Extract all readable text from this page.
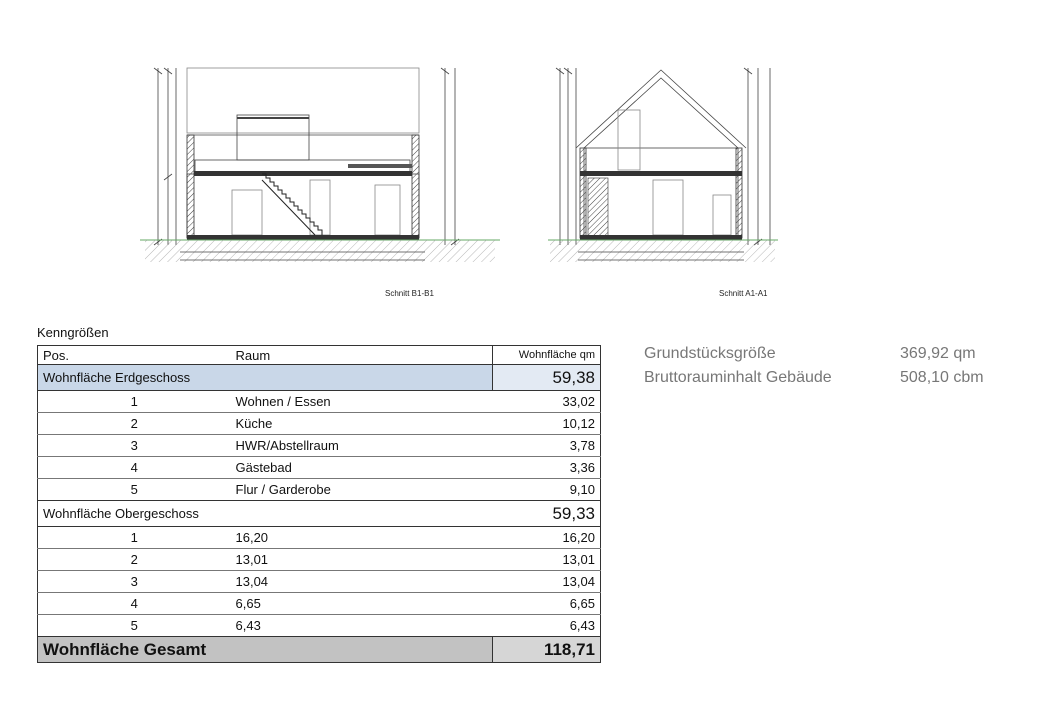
Schnitt B1-B1	Schnitt A1-A1
Kenngrößen
Pos.	Raum	Wohnfläche qm
Wohnfläche Erdgeschoss		59,38
1	Wohnen / Essen	33,02
2	Küche	10,12
3	HWR/Abstellraum	3,78
4	Gästebad	3,36
5	Flur / Garderobe	9,10
Wohnfläche Obergeschoss		59,33
1	16,20	16,20
2	13,01	13,01
3	13,04	13,04
4	6,65	6,65
5	6,43	6,43
Wohnfläche Gesamt		118,71
Grundstücksgröße	369,92 qm
Bruttorauminhalt Gebäude	508,10 cbm
